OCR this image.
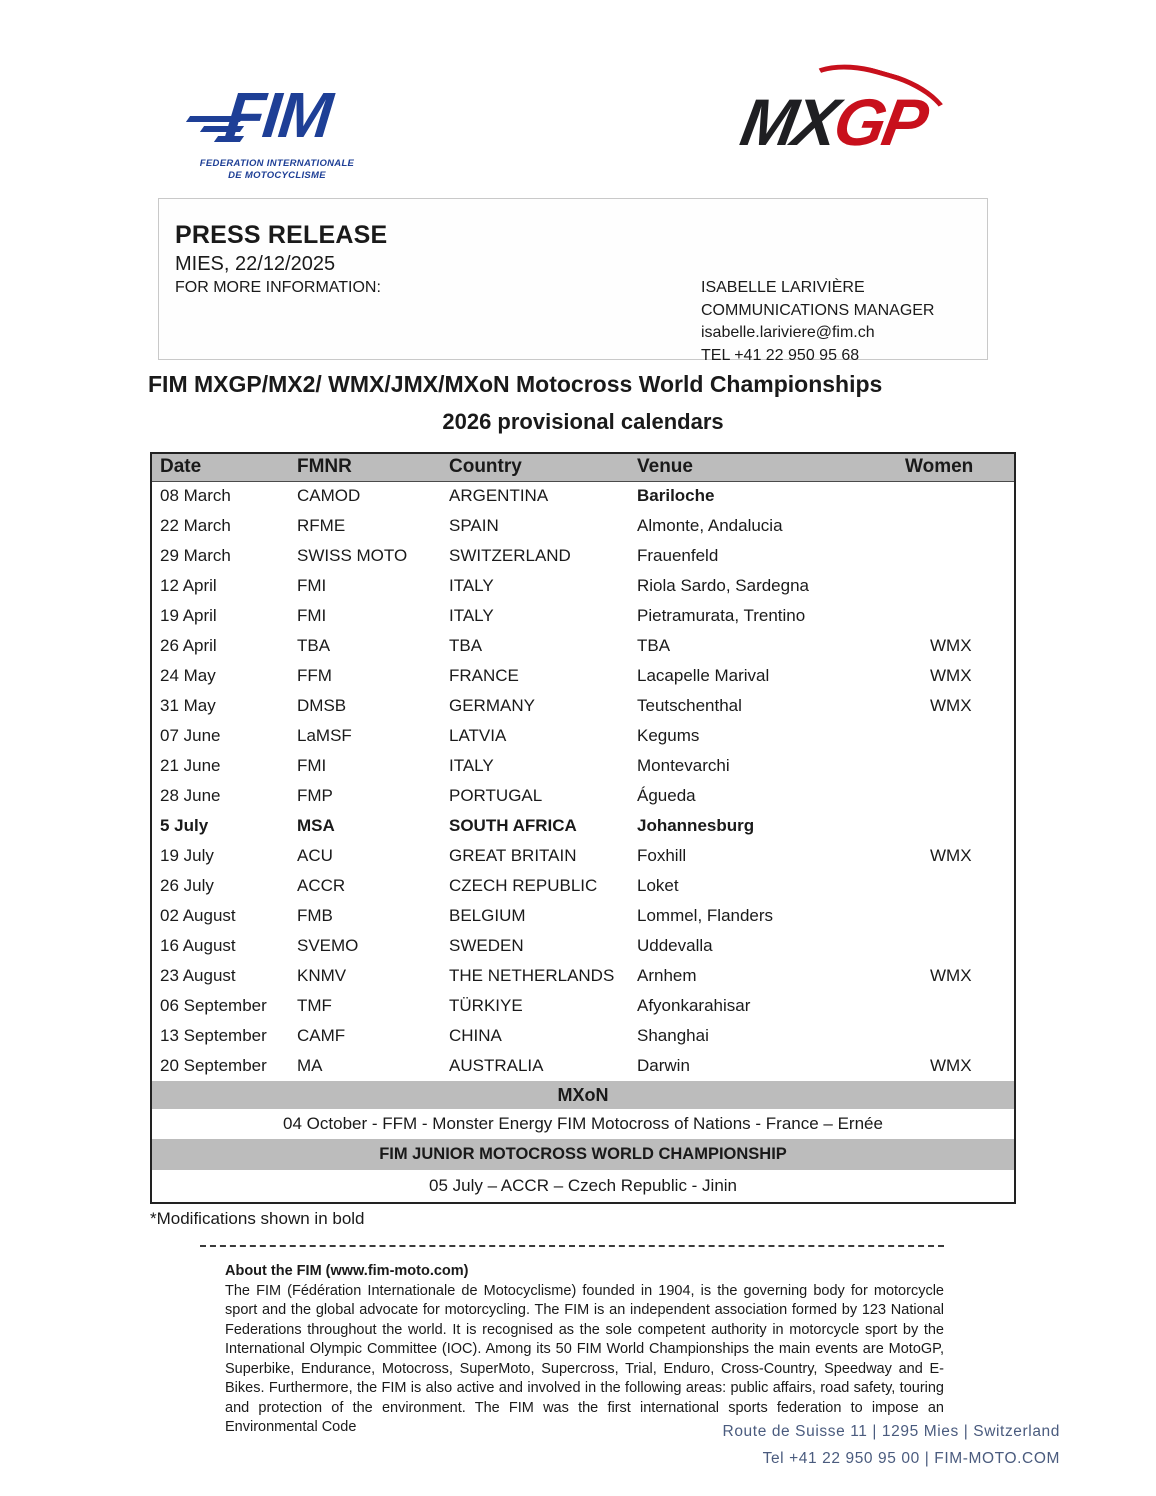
FIM
FEDERATION INTERNATIONALE
DE MOTOCYCLISME
MXGP
PRESS RELEASE
MIES, 22/12/2025
FOR MORE INFORMATION:	ISABELLE LARIVIÈRE
COMMUNICATIONS MANAGER
isabelle.lariviere@fim.ch
TEL +41 22 950 95 68
FIM MXGP/MX2/ WMX/JMX/MXoN Motocross World Championships
2026 provisional calendars
Date	FMNR	Country	Venue	Women
08 March	CAMOD	ARGENTINA	Bariloche	
22 March	RFME	SPAIN	Almonte, Andalucia	
29 March	SWISS MOTO	SWITZERLAND	Frauenfeld	
12 April	FMI	ITALY	Riola Sardo, Sardegna	
19 April	FMI	ITALY	Pietramurata, Trentino	
26 April	TBA	TBA	TBA	WMX
24 May	FFM	FRANCE	Lacapelle Marival	WMX
31 May	DMSB	GERMANY	Teutschenthal	WMX
07 June	LaMSF	LATVIA	Kegums	
21 June	FMI	ITALY	Montevarchi	
28 June	FMP	PORTUGAL	Águeda	
5 July	MSA	SOUTH AFRICA	Johannesburg	
19 July	ACU	GREAT BRITAIN	Foxhill	WMX
26 July	ACCR	CZECH REPUBLIC	Loket	
02 August	FMB	BELGIUM	Lommel, Flanders	
16 August	SVEMO	SWEDEN	Uddevalla	
23 August	KNMV	THE NETHERLANDS	Arnhem	WMX
06 September	TMF	TÜRKIYE	Afyonkarahisar	
13 September	CAMF	CHINA	Shanghai	
20 September	MA	AUSTRALIA	Darwin	WMX
MXoN
04 October - FFM - Monster Energy FIM Motocross of Nations - France – Ernée
FIM JUNIOR MOTOCROSS WORLD CHAMPIONSHIP
05 July – ACCR – Czech Republic - Jinin
*Modifications shown in bold
About the FIM (www.fim-moto.com)
The FIM (Fédération Internationale de Motocyclisme) founded in 1904, is the governing body for motorcycle sport and the global advocate for motorcycling. The FIM is an independent association formed by 123 National Federations throughout the world. It is recognised as the sole competent authority in motorcycle sport by the International Olympic Committee (IOC). Among its 50 FIM World Championships the main events are MotoGP, Superbike, Endurance, Motocross, SuperMoto, Supercross, Trial, Enduro, Cross-Country, Speedway and E-Bikes. Furthermore, the FIM is also active and involved in the following areas: public affairs, road safety, touring and protection of the environment. The FIM was the first international sports federation to impose an Environmental Code	Route de Suisse 11 | 1295 Mies | Switzerland
Tel +41 22 950 95 00 | FIM-MOTO.COM
